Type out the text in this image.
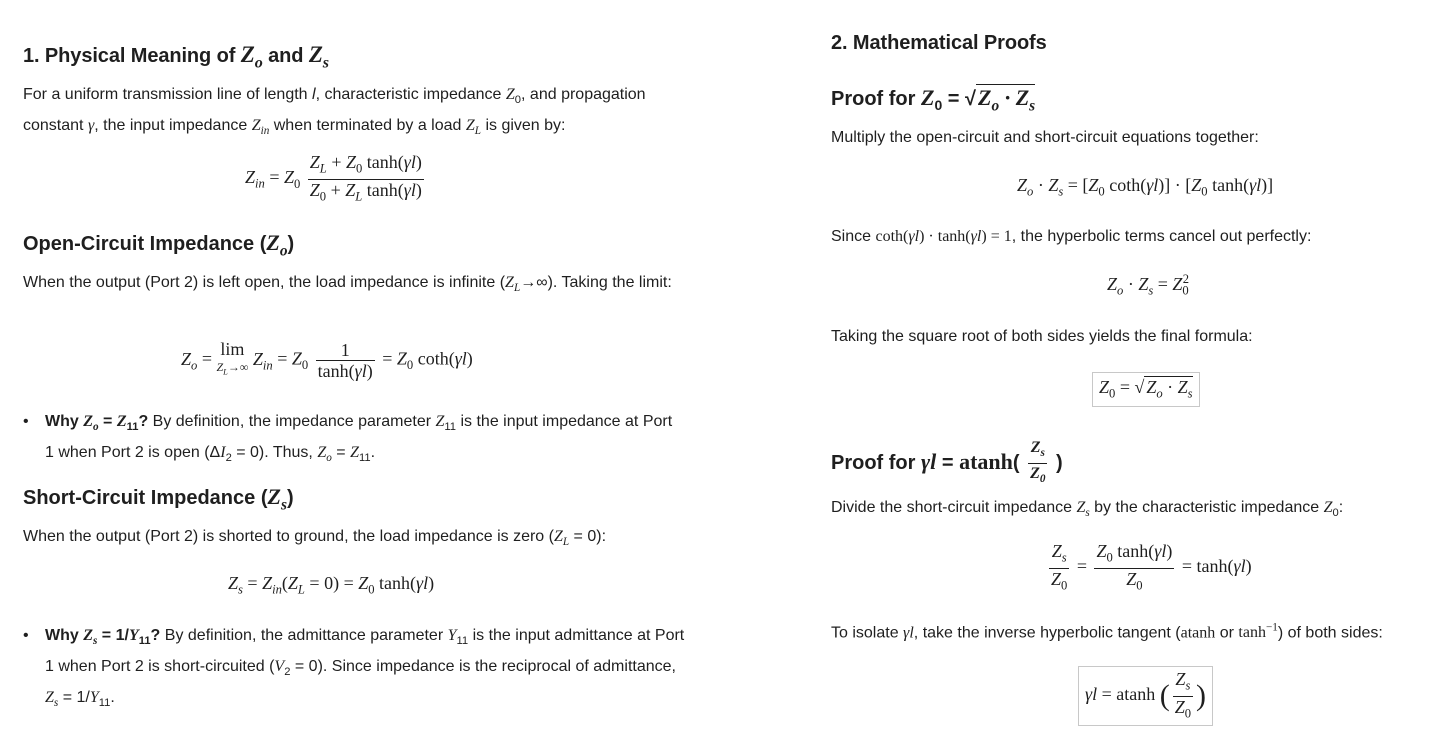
1. Physical Meaning of $Z_o$ and $Z_s$

For a uniform transmission line of length l, characteristic impedance $Z_0$, and propagation constant γ, the input impedance $Z_{in}$ when terminated by a load $Z_L$ is given by:

$Z_{in} = Z_0 \frac{Z_L + Z_0 \tanh(\gamma l)}{Z_0 + Z_L \tanh(\gamma l)}$
Open-Circuit Impedance $(Z_o)$

When the output (Port 2) is left open, the load impedance is infinite $(Z_L\to\infty)$. Taking the limit:

$Z_o = \lim$
$Z_L\to\infty$ $Z_{in} = Z_0 \frac{1}{\tanh(\gamma l)} = Z_0$ coth(γl)
• Why $Z_o = Z_{11}$? By definition, the impedance parameter $Z_{11}$ is the input impedance at Port 1 when Port 2 is open $(\Delta I_2 = 0)$. Thus, $Z_o = Z_{11}$.
Short-Circuit Impedance $(Z_s)$

When the output (Port 2) is shorted to ground, the load impedance is zero $(Z_L = 0)$:

$Z_s = Z_{in}(Z_L = 0) = Z_0$ tanh(γl)
• Why $Z_s = 1/Y_{11}$? By definition, the admittance parameter $Y_{11}$ is the input admittance at Port 1 when Port 2 is short-circuited $(V_2 = 0)$. Since impedance is the reciprocal of admittance, $Z_s = 1/Y_{11}$.
2. Mathematical Proofs
Proof for $Z_0 = √Z_o \cdot Z_s$

Multiply the open-circuit and short-circuit equations together:

$Z_o \cdot Z_s = [Z_0$ $\cot h(\gamma l)] \cdot [Z_0$ tanh(γl)]

Since coth(γl) · tanh(γl) = 1, the hyperbolic terms cancel out perfectly:

$Z_o \cdot Z_s = Z_0^2$

Taking the square root of both sides yields the final formula:

$Z_0$ = √ $Z_o \cdot Z_s$
Proof for $\gamma l = atanh( \frac{Z_s}{Z_0}$ )

Divide the short-circuit impedance $Z_s$ by the characteristic impedance $Z_0$:

$\frac{Z_s}{Z_0} = \frac{Z_0 \tanh(\gamma l)}{Z_0} = \tanh(\gamma l)$

To isolate γl, take the inverse hyperbolic tangent (atanh or $\tanh^{-1}$) of both sides:

γl = atanh ( $\frac{Z_s}{Z_0}$ )
